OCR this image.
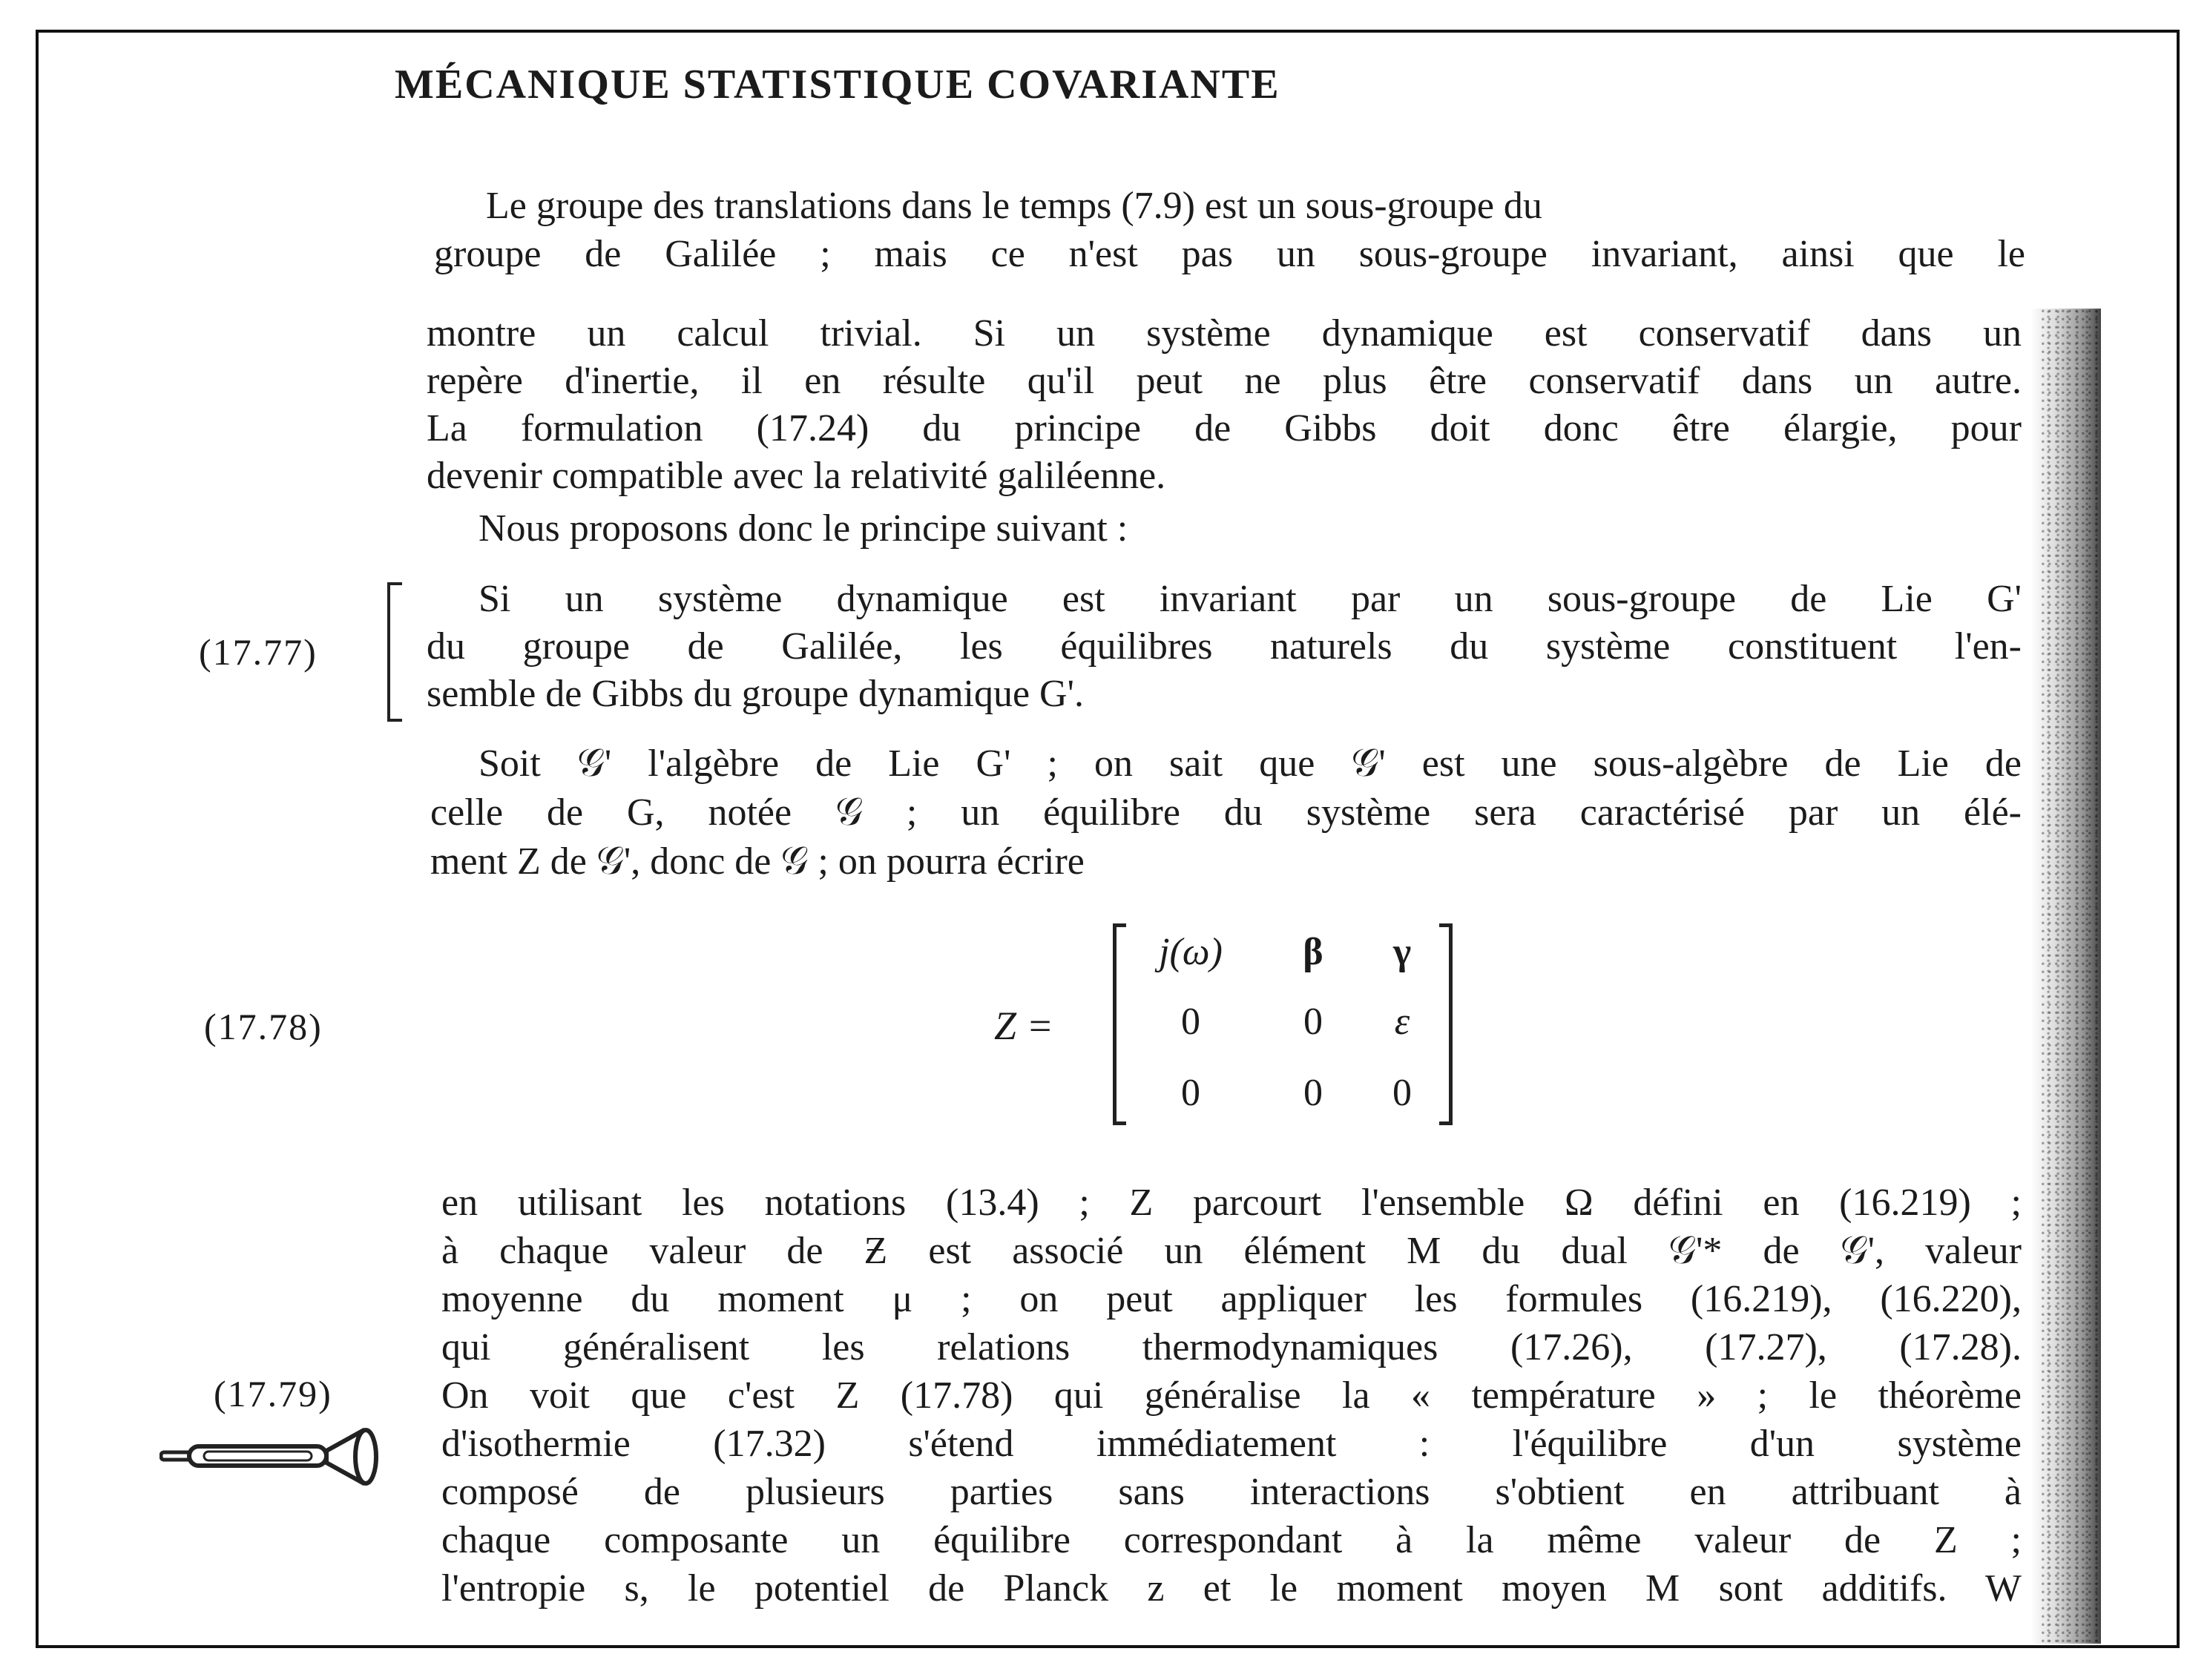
MÉCANIQUE STATISTIQUE COVARIANTE
Le groupe des translations dans le temps (7.9) est un sous-groupe du
groupe de Galilée ; mais ce n'est pas un sous-groupe invariant, ainsi que le
montre un calcul trivial. Si un système dynamique est conservatif dans un
repère d'inertie, il en résulte qu'il peut ne plus être conservatif dans un autre.
La formulation (17.24) du principe de Gibbs doit donc être élargie, pour
devenir compatible avec la relativité galiléenne.
Nous proposons donc le principe suivant :
(17.77)
Si un système dynamique est invariant par un sous-groupe de Lie G'
du groupe de Galilée, les équilibres naturels du système constituent l'en-
semble de Gibbs du groupe dynamique G'.
Soit 𝒢' l'algèbre de Lie G' ; on sait que 𝒢' est une sous-algèbre de Lie de
celle de G, notée 𝒢 ; un équilibre du système sera caractérisé par un élé-
ment Z de 𝒢', donc de 𝒢 ; on pourra écrire
(17.78)	Z =
j(ω)	β	γ
0	0	ε
0	0	0
(17.79)
en utilisant les notations (13.4) ; Z parcourt l'ensemble Ω défini en (16.219) ;
à chaque valeur de Ƶ est associé un élément M du dual 𝒢'* de 𝒢', valeur
moyenne du moment μ ; on peut appliquer les formules (16.219), (16.220),
qui généralisent les relations thermodynamiques (17.26), (17.27), (17.28).
On voit que c'est Z (17.78) qui généralise la « température » ; le théorème
d'isothermie (17.32) s'étend immédiatement : l'équilibre d'un système
composé de plusieurs parties sans interactions s'obtient en attribuant à
chaque composante un équilibre correspondant à la même valeur de Z ;
l'entropie s, le potentiel de Planck z et le moment moyen M sont additifs. W
